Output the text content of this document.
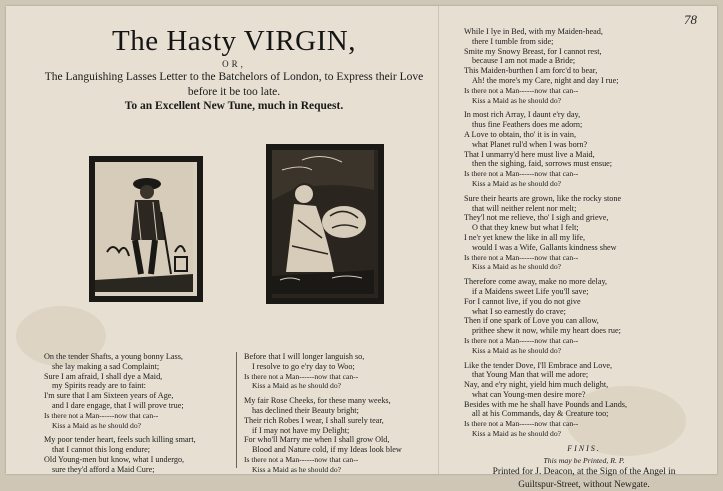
78
The Hasty VIRGIN,
OR,
The Languishing Lasses Letter to the Batchelors of London, to Express their Love before it be too late.
To an Excellent New Tune, much in Request.
On the tender Shafts, a young bonny Lass,
she lay making a sad Complaint;
Sure I am afraid, I shall dye a Maid,
my Spirits ready are to faint:
I'm sure that I am Sixteen years of Age,
and I dare engage, that I will prove true;
Is there not a Man------now that can--
Kiss a Maid as he should do?
My poor tender heart, feels such killing smart,
that I cannot this long endure;
Old Young-men but know, what I undergo,
sure they'd afford a Maid Cure;
Before that I will longer languish so,
I resolve to go e'ry day to Woo;
Is there not a Man------now that can--
Kiss a Maid as he should do?
My fair Rose Cheeks, for these many weeks,
has declined their Beauty bright;
Their rich Robes I wear, I shall surely tear,
if I may not have my Delight;
For who'll Marry me when I shall grow Old,
Blood and Nature cold, if my Ideas look blew
Is there not a Man------now that can--
Kiss a Maid as he should do?
While I lye in Bed, with my Maiden-head,
there I tumble from side;
Smite my Snowy Breast, for I cannot rest,
because I am not made a Bride;
This Maiden-burthen I am forc'd to bear,
Ah! the more's my Care, night and day I rue;
Is there not a Man------now that can--
Kiss a Maid as he should do?
In most rich Array, I daunt e'ry day,
thus fine Feathers does me adorn;
A Love to obtain, tho' it is in vain,
what Planet rul'd when I was born?
That I unmarry'd here must live a Maid,
then the sighing, faid, sorrows must ensue;
Is there not a Man------now that can--
Kiss a Maid as he should do?
Sure their hearts are grown, like the rocky stone
that will neither relent nor melt;
They'l not me relieve, tho' I sigh and grieve,
O that they knew but what I felt;
I ne'r yet knew the like in all my life,
would I was a Wife, Gallants kindness shew
Is there not a Man------now that can--
Kiss a Maid as he should do?
Therefore come away, make no more delay,
if a Maidens sweet Life you'll save;
For I cannot live, if you do not give
what I so earnestly do crave;
Then if one spark of Love you can allow,
prithee shew it now, while my heart does rue;
Is there not a Man------now that can--
Kiss a Maid as he should do?
Like the tender Dove, I'll Embrace and Love,
that Young Man that will me adore;
Nay, and e'ry night, yield him much delight,
what can Young-men desire more?
Besides with me he shall have Pounds and Lands,
all at his Commands, day & Creature too;
Is there not a Man------now that can--
Kiss a Maid as he should do?
FINIS.
This may be Printed, R. P.
Printed for J. Deacon, at the Sign of the Angel in
Guiltspur-Street, without Newgate.
